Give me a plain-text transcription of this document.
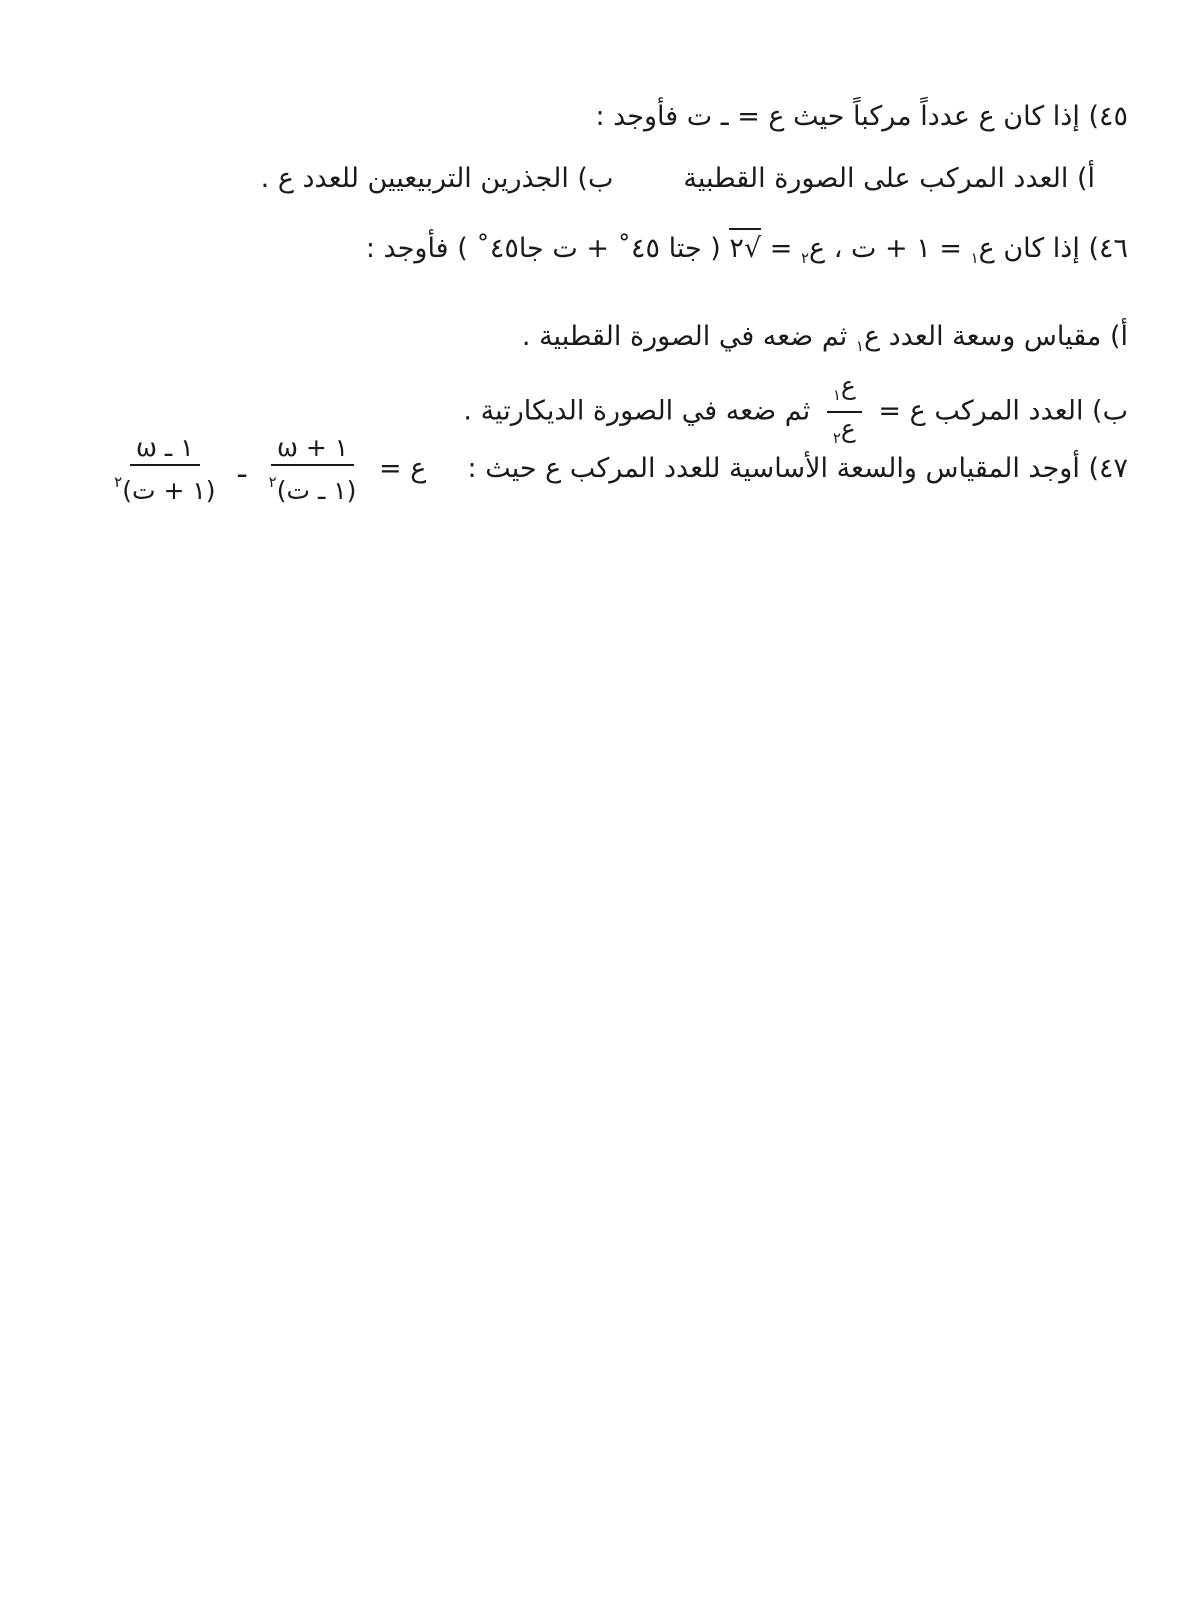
٤٥) إذا كان ع عدداً مركباً حيث ع = ـ ت فأوجد :
أ) العدد المركب على الصورة القطبيةب) الجذرين التربيعيين للعدد ع .
٤٦) إذا كان ع$_١$ = ١ + ت ، ع$_٢$ = √٢ ( جتا ٤٥˚ + ت جا٤٥˚ ) فأوجد :
أ) مقياس وسعة العدد ع$_١$ ثم ضعه في الصورة القطبية .
ب) العدد المركب ع =
$\frac{ع_١}{ع_٢}$
ثم ضعه في الصورة الديكارتية .
٤٧) أوجد المقياس والسعة الأساسية للعدد المركب ع حيث :  ع =
$\frac{١ + \omega}{(١ ـ ت)^٢}$
ـ
$\frac{\text{١ ـ ω}}{(١ + ت)^٢}$
